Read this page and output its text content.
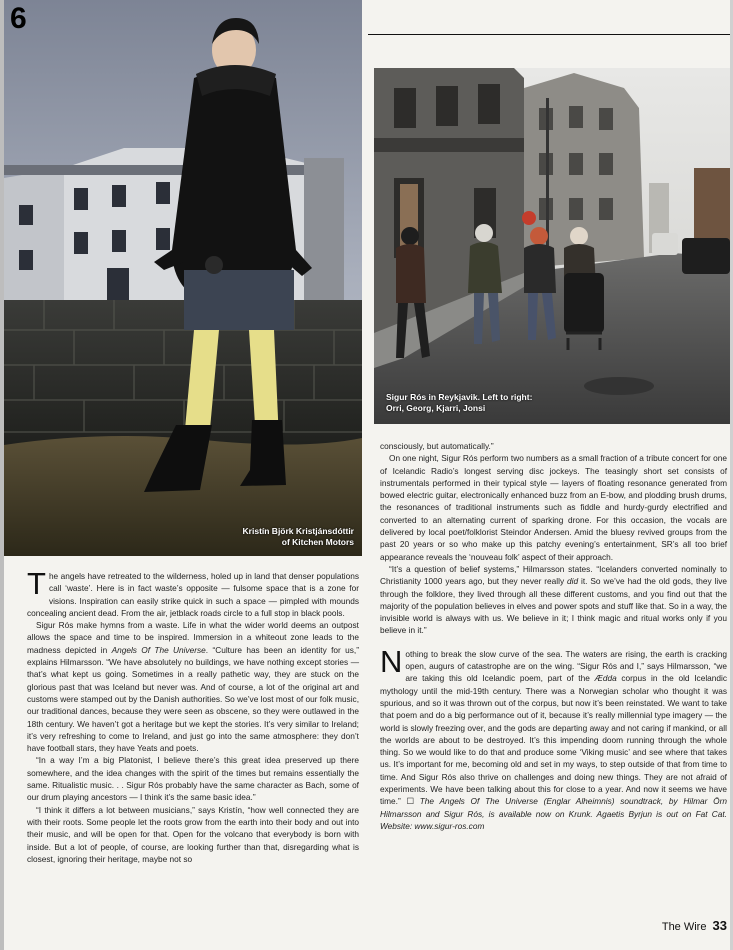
Kristín Björk Kristjánsdóttir
of Kitchen Motors
6
Sigur Rós in Reykjavik. Left to right:
Orri, Georg, Kjarri, Jonsi

The angels have retreated to the wilderness, holed up in land that denser populations call ‘waste’. Here is in fact waste’s opposite — fulsome space that is a zone for visions. Inspiration can easily strike quick in such a space — pimpled with mounds concealing ancient dead. From the air, jetblack roads circle to a full stop in black pools.

Sigur Rós make hymns from a waste. Life in what the wider world deems an outpost allows the space and time to be inspired. Immersion in a whiteout zone leads to the madness depicted in Angels Of The Universe. “Culture has been an identity for us,” explains Hilmarsson. “We have absolutely no buildings, we have nothing except stories — that’s what kept us going. Sometimes in a really pathetic way, they are stuck on the glorious past that was Iceland but never was. And of course, a lot of the original art and customs were stamped out by the Danish authorities. So we’ve lost most of our folk music, our traditional dances, because they were seen as obscene, so they were outlawed in the 18th century. We haven’t got a heritage but we kept the stories. It’s very similar to Ireland; it’s very refreshing to come to Ireland, and just go into the same atmosphere: they don’t have football stars, they have Yeats and poets.

“In a way I’m a big Platonist, I believe there’s this great idea preserved up there somewhere, and the idea changes with the spirit of the times but remains essentially the same. Ritualistic music. . . Sigur Rós probably have the same character as Bach, some of our drum playing ancestors — I think it’s the same basic idea.”

“I think it differs a lot between musicians,” says Kristín, “how well connected they are with their roots. Some people let the roots grow from the earth into their body and out into their music, and will be open for that. Open for the volcano that everybody is born with inside. But a lot of people, of course, are looking further than that, disregarding what is closest, ignoring their heritage, maybe not so

consciously, but automatically.”

On one night, Sigur Rós perform two numbers as a small fraction of a tribute concert for one of Icelandic Radio’s longest serving disc jockeys. The teasingly short set consists of instrumentals performed in their typical style — layers of floating resonance generated from bowed electric guitar, electronically enhanced buzz from an E-bow, and plodding brush drums, the resonances of traditional instruments such as fiddle and hurdy-gurdy electrified and converted to an alternating current of sparking drone. For this occasion, the vocals are delivered by local poet/folklorist Steindor Andersen. Amid the bluesy revived groups from the past 20 years or so who make up this patchy evening’s entertainment, SR’s all too brief appearance reveals the ‘nouveau folk’ aspect of their approach.

“It’s a question of belief systems,” Hilmarsson states. “Icelanders converted nominally to Christianity 1000 years ago, but they never really did it. So we’ve had the old gods, they live through the folklore, they lived through all these different customs, and you find out that the majority of the population believes in elves and power spots and stuff like that. So in a way, the invisible world is always with us. We believe in it; I think magic and ritual works only if you believe in it.”

Nothing to break the slow curve of the sea. The waters are rising, the earth is cracking open, augurs of catastrophe are on the wing. “Sigur Rós and I,” says Hilmarsson, “we are taking this old Icelandic poem, part of the Ædda corpus in the old Icelandic mythology until the mid-19th century. There was a Norwegian scholar who thought it was spurious, and so it was thrown out of the corpus, but now it’s been reinstated. We want to take that poem and do a big performance out of it, because it’s really millennial type imagery — the world is slowly freezing over, and the gods are departing away and not caring if mankind, or all the worlds are about to be destroyed. It’s this impending doom running through the whole thing. So we would like to do that and produce some ‘Viking music’ and see where that takes us. It’s important for me, becoming old and set in my ways, to step outside of that from time to time. And Sigur Rós also thrive on challenges and doing new things. They are not afraid of experiments. We have been talking about this for close to a year. And now it seems we have time.” ☐ The Angels Of The Universe (Englar Alheimnis) soundtrack, by Hilmar Örn Hilmarsson and Sigur Rós, is available now on Krunk. Agaetis Byrjun is out on Fat Cat. Website: www.sigur-ros.com

The Wire 33
